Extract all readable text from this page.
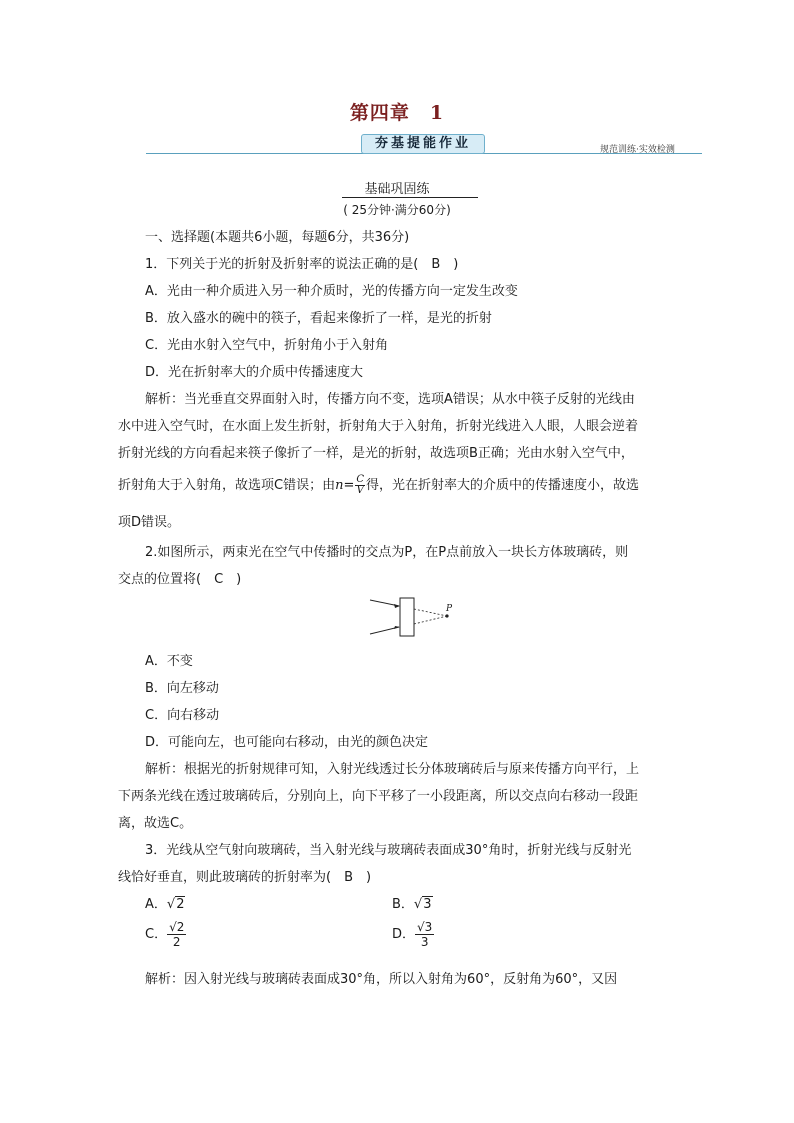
第四章　1
夯基提能作业	规范训练·实效检测
基础巩固练
( 25分钟·满分60分)
一、选择题(本题共6小题，每题6分，共36分)
1．下列关于光的折射及折射率的说法正确的是(　B　)
A．光由一种介质进入另一种介质时，光的传播方向一定发生改变
B．放入盛水的碗中的筷子，看起来像折了一样，是光的折射
C．光由水射入空气中，折射角小于入射角
D．光在折射率大的介质中传播速度大
解析：当光垂直交界面射入时，传播方向不变，选项A错误；从水中筷子反射的光线由
水中进入空气时，在水面上发生折射，折射角大于入射角，折射光线进入人眼，人眼会逆着
折射光线的方向看起来筷子像折了一样，是光的折射，故选项B正确；光由水射入空气中，
折射角大于入射角，故选项C错误；由$n= \frac{C}{V}$ 得，光在折射率大的介质中的传播速度小，故选
项D错误。
2.如图所示，两束光在空气中传播时的交点为P，在P点前放入一块长方体玻璃砖，则
交点的位置将(　C　)
P
A．不变
B．向左移动
C．向右移动
D．可能向左，也可能向右移动，由光的颜色决定
解析：根据光的折射规律可知，入射光线透过长分体玻璃砖后与原来传播方向平行，上
下两条光线在透过玻璃砖后，分别向上，向下平移了一小段距离，所以交点向右移动一段距
离，故选C。
3．光线从空气射向玻璃砖，当入射光线与玻璃砖表面成30°角时，折射光线与反射光
线恰好垂直，则此玻璃砖的折射率为(　B　)
A．√2	B．√3
C． $\frac{√2}{2}$	D． $\frac{√3}{3}$
解析：因入射光线与玻璃砖表面成30°角，所以入射角为60°，反射角为60°，又因
